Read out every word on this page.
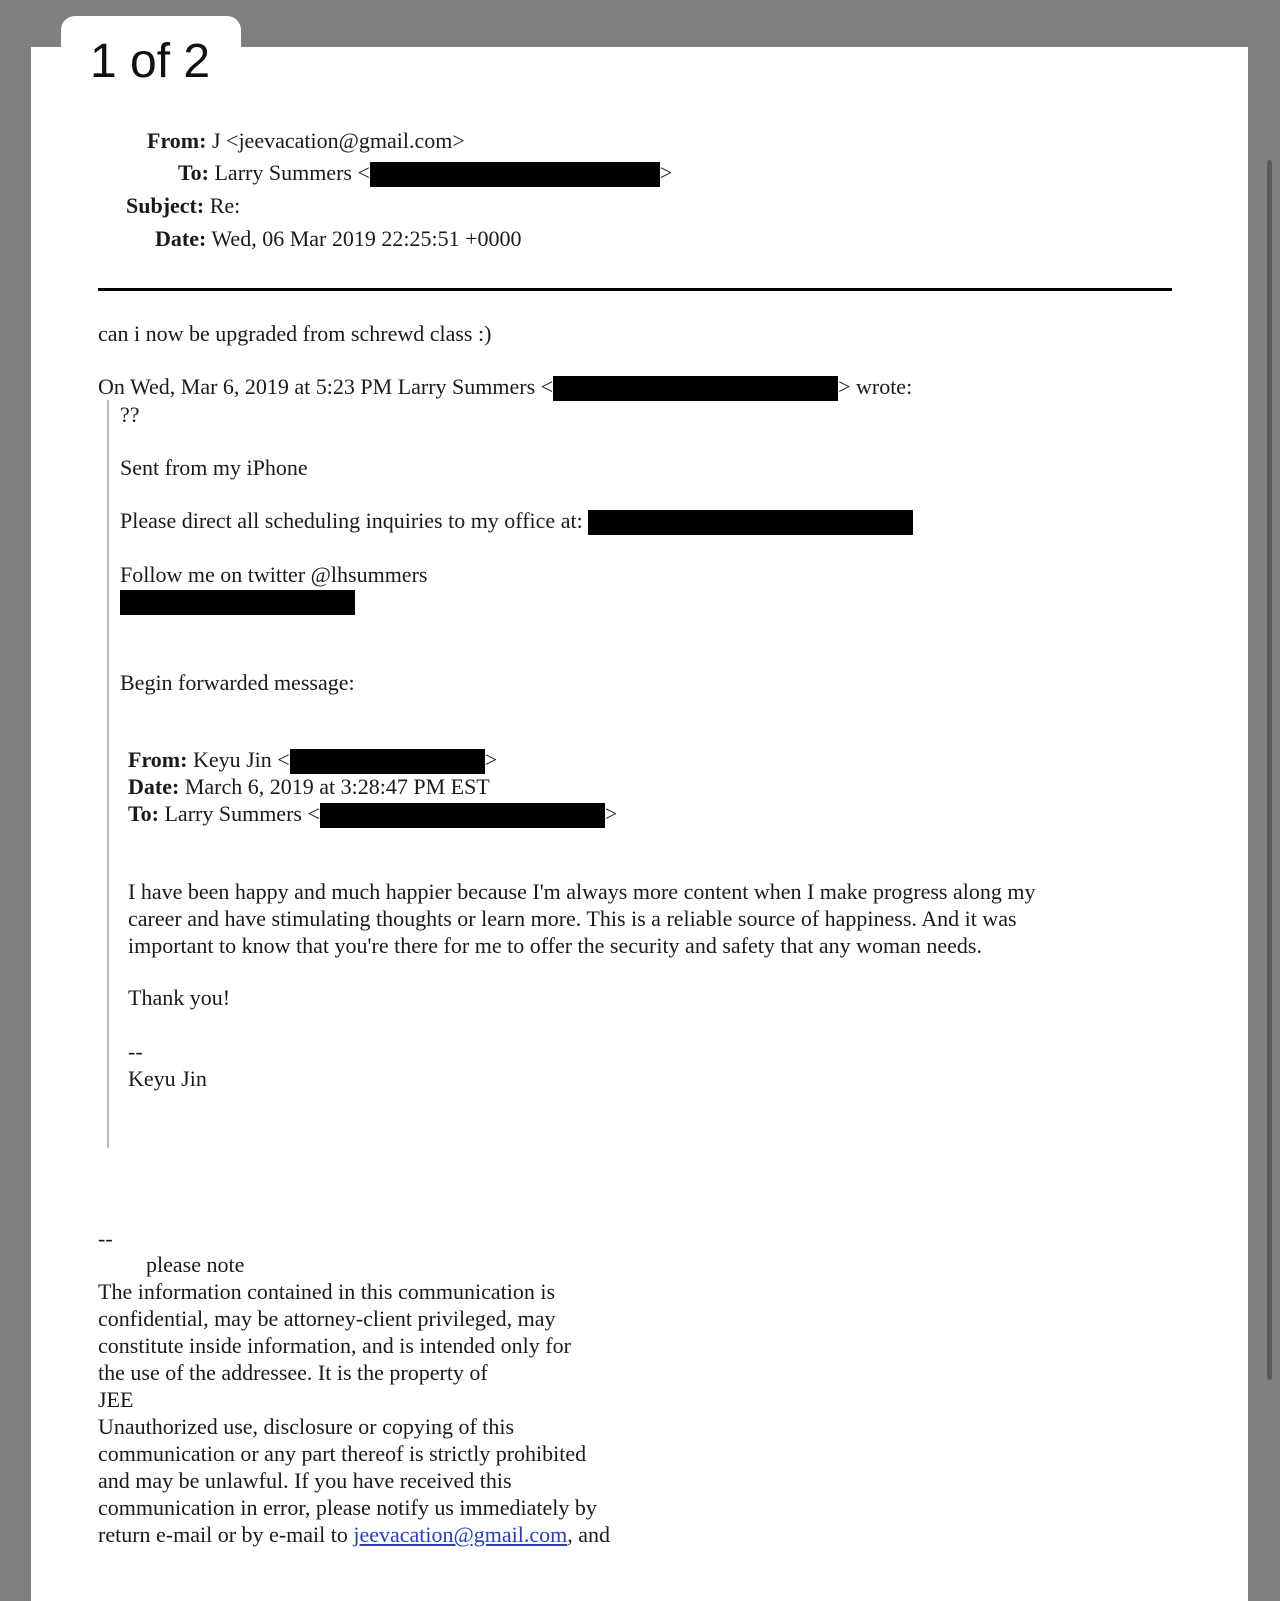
1 of 2
From: J <jeevacation@gmail.com>
To: Larry Summers <	>
Subject: Re:
Date: Wed, 06 Mar 2019 22:25:51 +0000
can i now be upgraded from schrewd class :)
On Wed, Mar 6, 2019 at 5:23 PM Larry Summers <	> wrote:
??
Sent from my iPhone
Please direct all scheduling inquiries to my office at:
Follow me on twitter @lhsummers
Begin forwarded message:
From: Keyu Jin <	>
Date: March 6, 2019 at 3:28:47 PM EST
To: Larry Summers <	>
I have been happy and much happier because I'm always more content when I make progress along my
career and have stimulating thoughts or learn more. This is a reliable source of happiness. And it was
important to know that you're there for me to offer the security and safety that any woman needs.
Thank you!
--
Keyu Jin
--
please note
The information contained in this communication is
confidential, may be attorney-client privileged, may
constitute inside information, and is intended only for
the use of the addressee. It is the property of
JEE
Unauthorized use, disclosure or copying of this
communication or any part thereof is strictly prohibited
and may be unlawful. If you have received this
communication in error, please notify us immediately by
return e-mail or by e-mail to jeevacation@gmail.com, and
